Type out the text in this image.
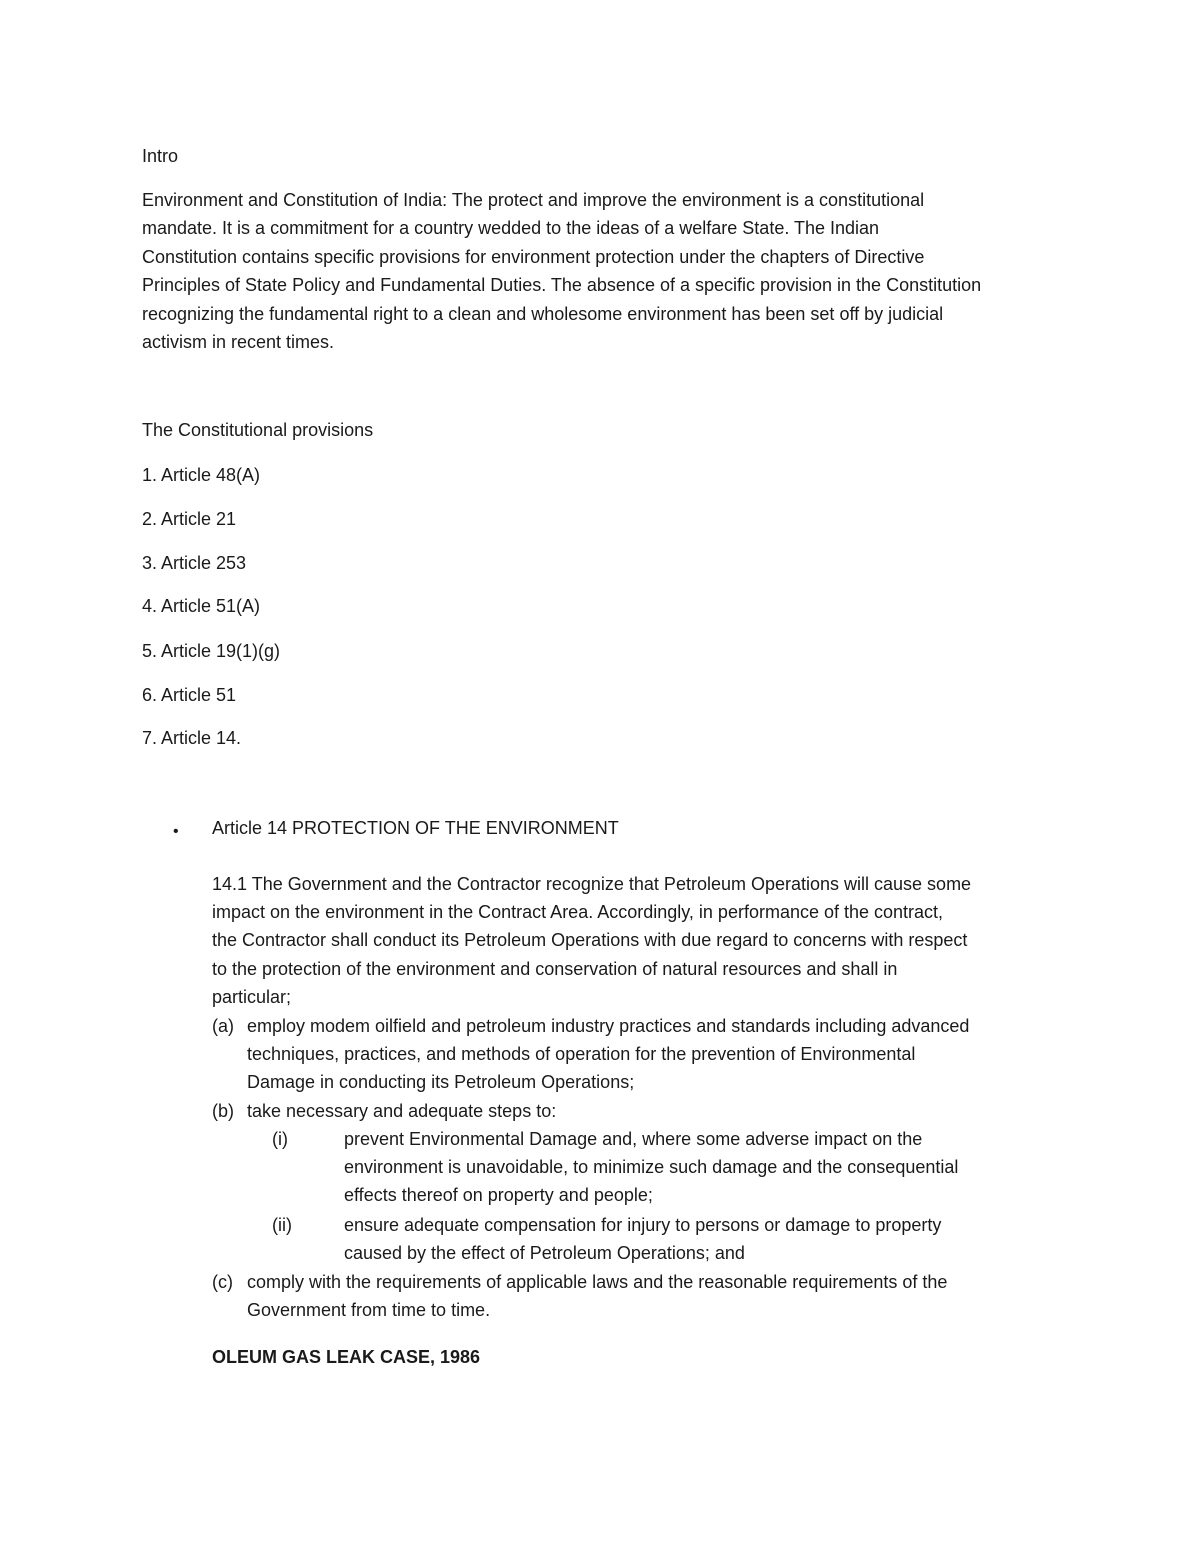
Intro
Environment and Constitution of India: The protect and improve the environment is a constitutional
mandate. It is a commitment for a country wedded to the ideas of a welfare State. The Indian
Constitution contains specific provisions for environment protection under the chapters of Directive
Principles of State Policy and Fundamental Duties. The absence of a specific provision in the Constitution
recognizing the fundamental right to a clean and wholesome environment has been set off by judicial
activism in recent times.
The Constitutional provisions
1. Article 48(A)
2. Article 21
3. Article 253
4. Article 51(A)
5. Article 19(1)(g)
6. Article 51
7. Article 14.
• Article 14 PROTECTION OF THE ENVIRONMENT
14.1 The Government and the Contractor recognize that Petroleum Operations will cause some
impact on the environment in the Contract Area. Accordingly, in performance of the contract,
the Contractor shall conduct its Petroleum Operations with due regard to concerns with respect
to the protection of the environment and conservation of natural resources and shall in
particular;
(a) employ modem oilfield and petroleum industry practices and standards including advanced
techniques, practices, and methods of operation for the prevention of Environmental
Damage in conducting its Petroleum Operations;
(b) take necessary and adequate steps to:
(i)	prevent Environmental Damage and, where some adverse impact on the
environment is unavoidable, to minimize such damage and the consequential
effects thereof on property and people;
(ii)	ensure adequate compensation for injury to persons or damage to property
caused by the effect of Petroleum Operations; and
(c) comply with the requirements of applicable laws and the reasonable requirements of the
Government from time to time.
OLEUM GAS LEAK CASE, 1986
